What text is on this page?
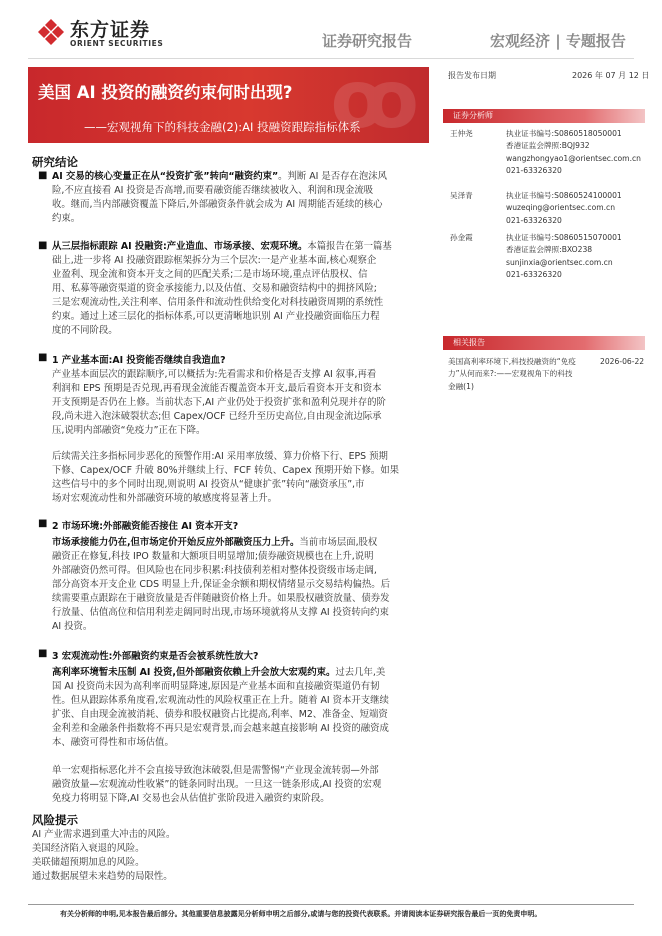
东方证券
ORIENT SECURITIES	证券研究报告	宏观经济 | 专题报告
ꝏ
美国 AI 投资的融资约束何时出现?
——宏观视角下的科技金融(2):AI 投融资跟踪指标体系
研究结论
■ AI 交易的核心变量正在从“投资扩张”转向“融资约束”。判断 AI 是否存在泡沫风
险,不应直接看 AI 投资是否高增,而要看融资能否继续被收入、利润和现金流吸
收。继而,当内部融资覆盖下降后,外部融资条件就会成为 AI 周期能否延续的核心
约束。
■ 从三层指标跟踪 AI 投融资:产业造血、市场承接、宏观环境。本篇报告在第一篇基
础上,进一步将 AI 投融资跟踪框架拆分为三个层次:一是产业基本面,核心观察企
业盈利、现金流和资本开支之间的匹配关系;二是市场环境,重点评估股权、信
用、私募等融资渠道的资金承接能力,以及估值、交易和融资结构中的拥挤风险;
三是宏观流动性,关注利率、信用条件和流动性供给变化对科技融资周期的系统性
约束。通过上述三层化的指标体系,可以更清晰地识别 AI 产业投融资面临压力程
度的不同阶段。
■ 1 产业基本面:AI 投资能否继续自我造血?
产业基本面层次的跟踪顺序,可以概括为:先看需求和价格是否支撑 AI 叙事,再看
利润和 EPS 预期是否兑现,再看现金流能否覆盖资本开支,最后看资本开支和资本
开支预期是否仍在上修。当前状态下,AI 产业仍处于投资扩张和盈利兑现并存的阶
段,尚未进入泡沫破裂状态;但 Capex/OCF 已经升至历史高位,自由现金流边际承
压,说明内部融资“免疫力”正在下降。
后续需关注多指标同步恶化的预警作用:AI 采用率放缓、算力价格下行、EPS 预期
下修、Capex/OCF 升破 80%并继续上行、FCF 转负、Capex 预期开始下修。如果
这些信号中的多个同时出现,则说明 AI 投资从“健康扩张”转向“融资承压”,市
场对宏观流动性和外部融资环境的敏感度将显著上升。
■ 2 市场环境:外部融资能否接住 AI 资本开支?
市场承接能力仍在,但市场定价开始反应外部融资压力上升。当前市场层面,股权
融资正在修复,科技 IPO 数量和大额项目明显增加;债券融资规模也在上升,说明
外部融资仍然可得。但风险也在同步积累:科技债利差相对整体投资级市场走阔,
部分高资本开支企业 CDS 明显上升,保证金余额和期权情绪显示交易结构偏热。后
续需要重点跟踪在于融资放量是否伴随融资价格上升。如果股权融资放量、债券发
行放量、估值高位和信用利差走阔同时出现,市场环境就将从支撑 AI 投资转向约束
AI 投资。
■ 3 宏观流动性:外部融资约束是否会被系统性放大?
高利率环境暂未压制 AI 投资,但外部融资依赖上升会放大宏观约束。过去几年,美
国 AI 投资尚未因为高利率而明显降速,原因是产业基本面和直接融资渠道仍有韧
性。但从跟踪体系角度看,宏观流动性的风险权重正在上升。随着 AI 资本开支继续
扩张、自由现金流被消耗、债券和股权融资占比提高,利率、M2、准备金、短端资
金利差和金融条件指数将不再只是宏观背景,而会越来越直接影响 AI 投资的融资成
本、融资可得性和市场估值。
单一宏观指标恶化并不会直接导致泡沫破裂,但是需警惕“产业现金流转弱—外部
融资放量—宏观流动性收紧”的链条同时出现。一旦这一链条形成,AI 投资的宏观
免疫力将明显下降,AI 交易也会从估值扩张阶段进入融资约束阶段。
风险提示
AI 产业需求遇到重大冲击的风险。
美国经济陷入衰退的风险。
美联储超预期加息的风险。
通过数据展望未来趋势的局限性。
报告发布日期	2026 年 07 月 12 日
证券分析师
王仲尧	执业证书编号:S0860518050001
香港证监会牌照:BQJ932
wangzhongyao1@orientsec.com.cn
021-63326320
吴泽青	执业证书编号:S0860524100001
wuzeqing@orientsec.com.cn
021-63326320
孙金霞	执业证书编号:S0860515070001
香港证监会牌照:BXO238
sunjinxia@orientsec.com.cn
021-63326320
相关报告
美国高利率环境下,科技投融资的“免疫
力”从何而来?:——宏观视角下的科技
金融(1)
2026-06-22
有关分析师的申明,见本报告最后部分。其他重要信息披露见分析师申明之后部分,或请与您的投资代表联系。并请阅读本证券研究报告最后一页的免责申明。
